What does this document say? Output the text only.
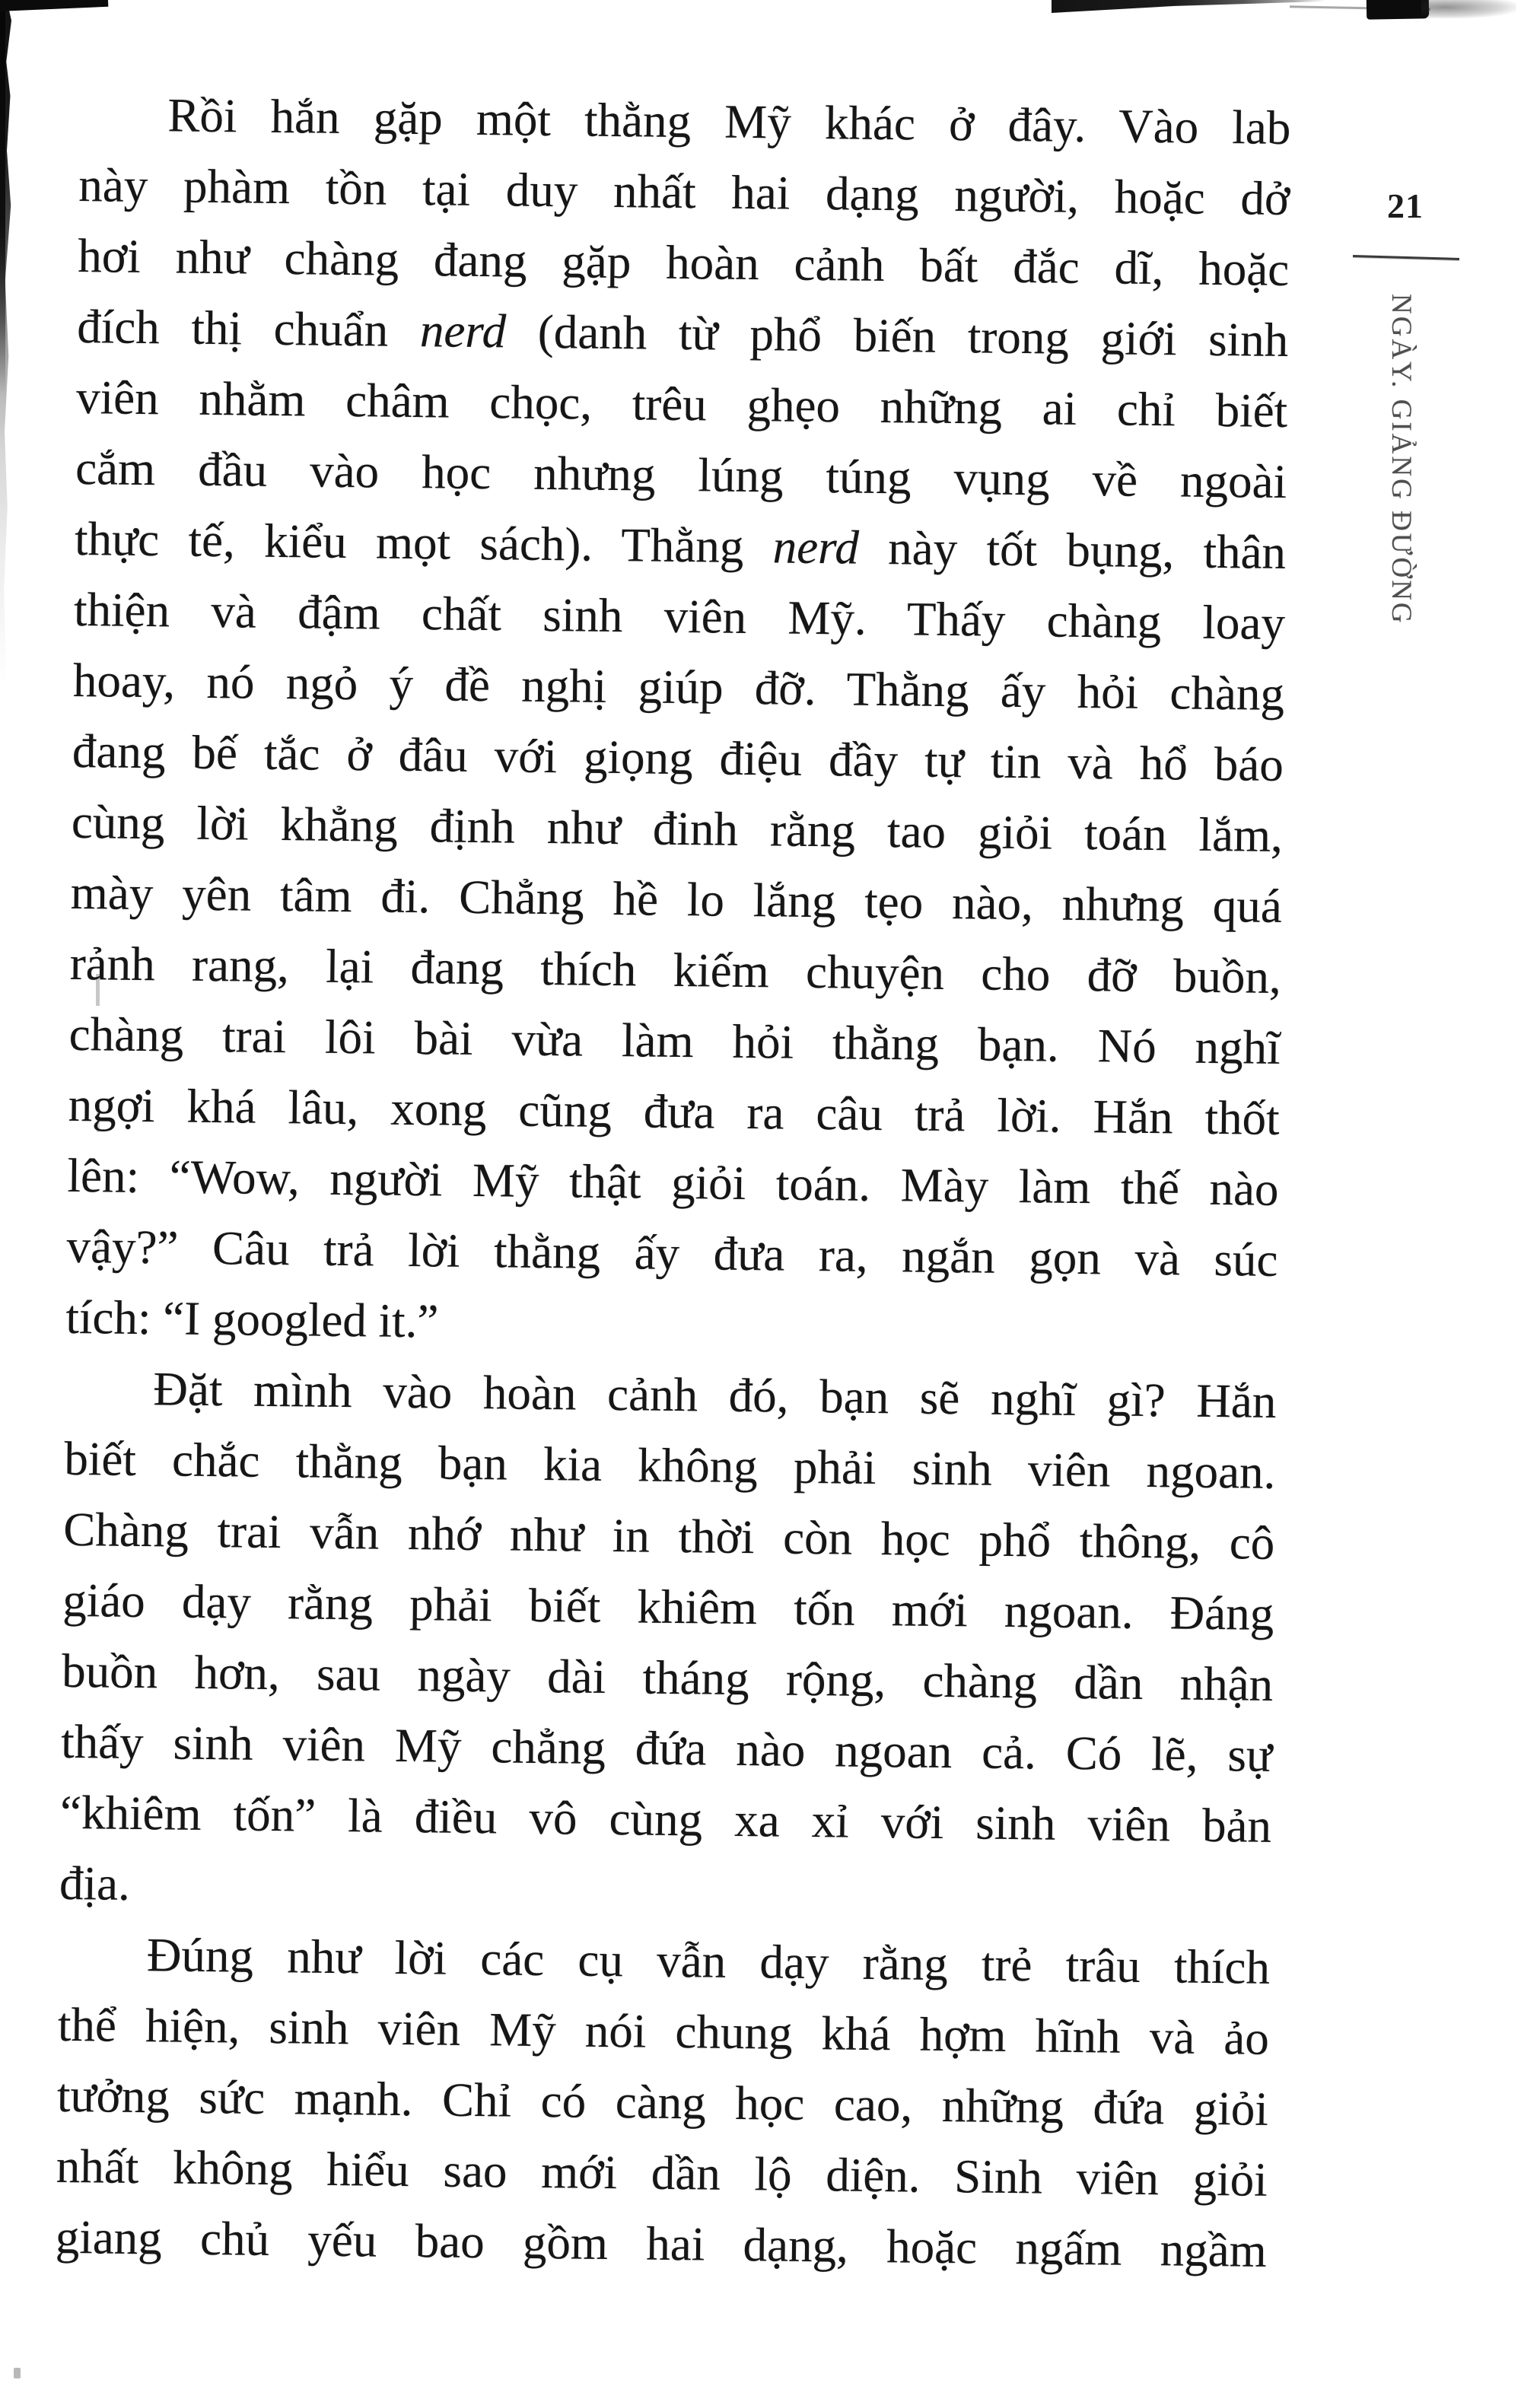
21
NGÀY. GIẢNG ĐƯỜNG
Rồi hắn gặp một thằng Mỹ khác ở đây. Vào lab
này phàm tồn tại duy nhất hai dạng người, hoặc dở
hơi như chàng đang gặp hoàn cảnh bất đắc dĩ, hoặc
đích thị chuẩn nerd (danh từ phổ biến trong giới sinh
viên nhằm châm chọc, trêu ghẹo những ai chỉ biết
cắm đầu vào học nhưng lúng túng vụng về ngoài
thực tế, kiểu mọt sách). Thằng nerd này tốt bụng, thân
thiện và đậm chất sinh viên Mỹ. Thấy chàng loay
hoay, nó ngỏ ý đề nghị giúp đỡ. Thằng ấy hỏi chàng
đang bế tắc ở đâu với giọng điệu đầy tự tin và hổ báo
cùng lời khẳng định như đinh rằng tao giỏi toán lắm,
mày yên tâm đi. Chẳng hề lo lắng tẹo nào, nhưng quá
rảnh rang, lại đang thích kiếm chuyện cho đỡ buồn,
chàng trai lôi bài vừa làm hỏi thằng bạn. Nó nghĩ
ngợi khá lâu, xong cũng đưa ra câu trả lời. Hắn thốt
lên: “Wow, người Mỹ thật giỏi toán. Mày làm thế nào
vậy?” Câu trả lời thằng ấy đưa ra, ngắn gọn và súc
tích: “I googled it.”
Đặt mình vào hoàn cảnh đó, bạn sẽ nghĩ gì? Hắn
biết chắc thằng bạn kia không phải sinh viên ngoan.
Chàng trai vẫn nhớ như in thời còn học phổ thông, cô
giáo dạy rằng phải biết khiêm tốn mới ngoan. Đáng
buồn hơn, sau ngày dài tháng rộng, chàng dần nhận
thấy sinh viên Mỹ chẳng đứa nào ngoan cả. Có lẽ, sự
“khiêm tốn” là điều vô cùng xa xỉ với sinh viên bản
địa.
Đúng như lời các cụ vẫn dạy rằng trẻ trâu thích
thể hiện, sinh viên Mỹ nói chung khá hợm hĩnh và ảo
tưởng sức mạnh. Chỉ có càng học cao, những đứa giỏi
nhất không hiểu sao mới dần lộ diện. Sinh viên giỏi
giang chủ yếu bao gồm hai dạng, hoặc ngấm ngầm
